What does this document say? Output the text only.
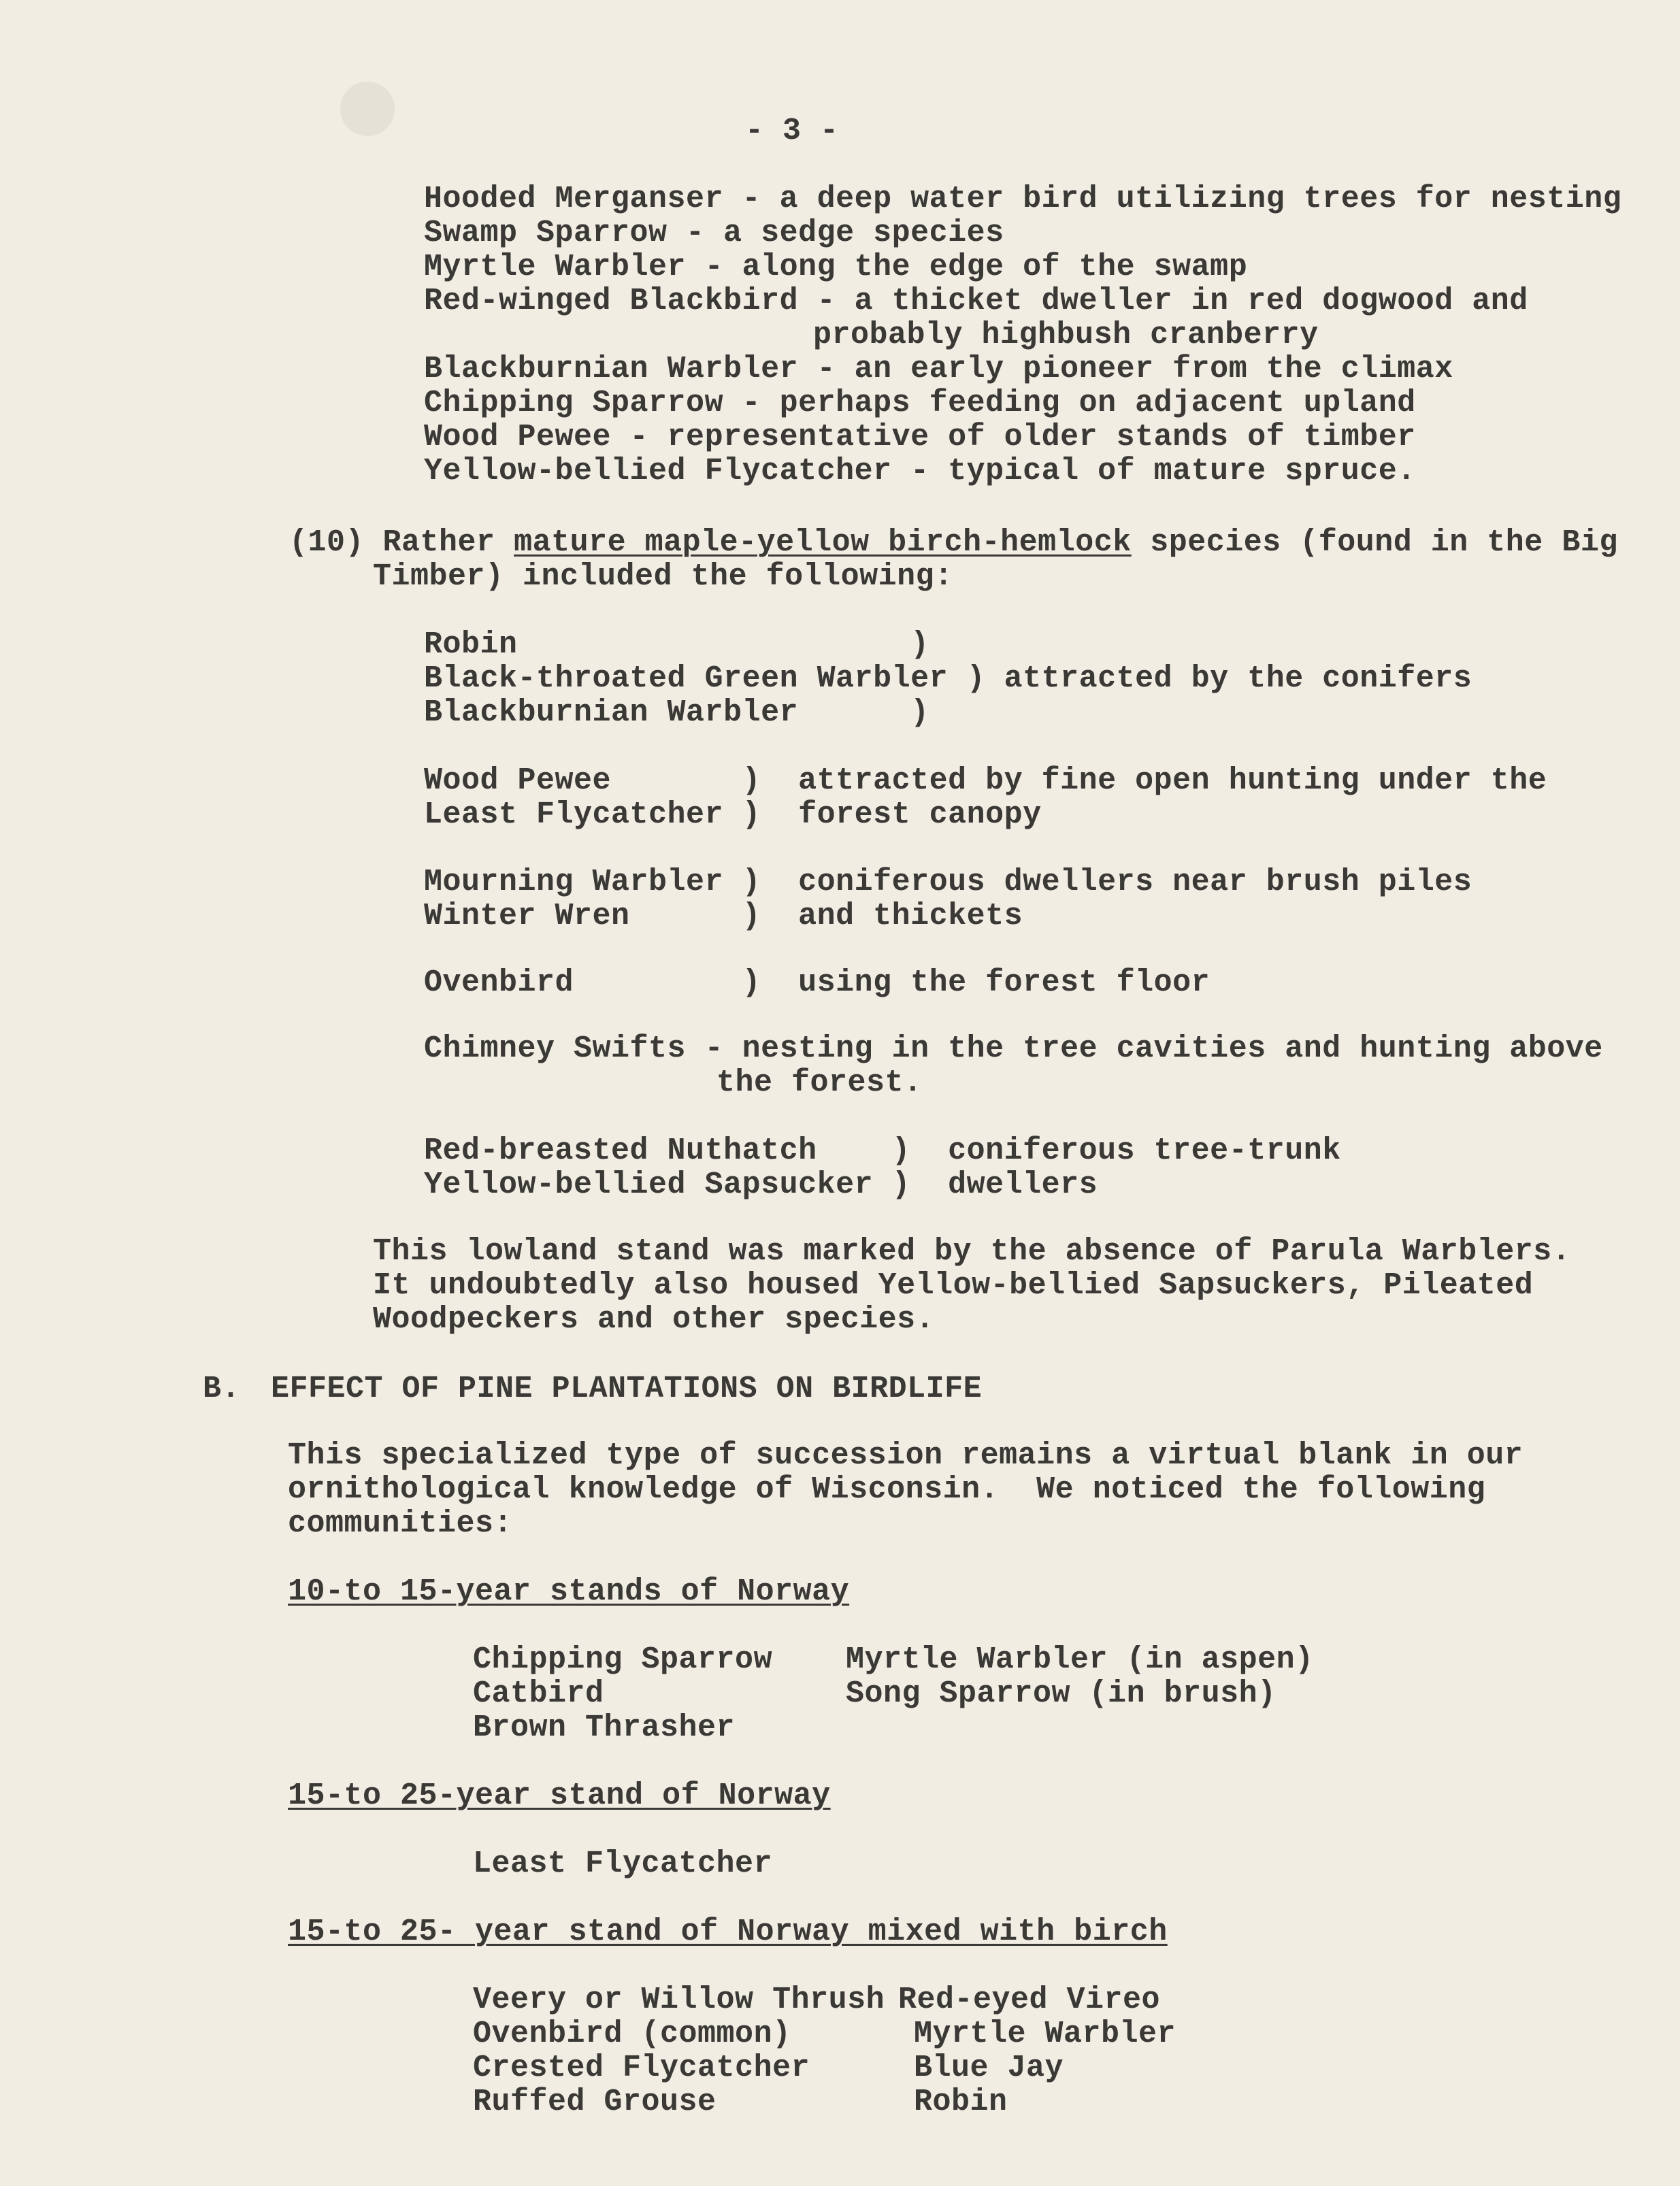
- 3 -
Hooded Merganser - a deep water bird utilizing trees for nesting
Swamp Sparrow - a sedge species
Myrtle Warbler - along the edge of the swamp
Red-winged Blackbird - a thicket dweller in red dogwood and
probably highbush cranberry
Blackburnian Warbler - an early pioneer from the climax
Chipping Sparrow - perhaps feeding on adjacent upland
Wood Pewee - representative of older stands of timber
Yellow-bellied Flycatcher - typical of mature spruce.
(10) Rather mature maple-yellow birch-hemlock species (found in the Big
Timber) included the following:
Robin                     )
Black-throated Green Warbler ) attracted by the conifers
Blackburnian Warbler      )
Wood Pewee       )  attracted by fine open hunting under the
Least Flycatcher )  forest canopy
Mourning Warbler )  coniferous dwellers near brush piles
Winter Wren      )  and thickets
Ovenbird         )  using the forest floor
Chimney Swifts - nesting in the tree cavities and hunting above
the forest.
Red-breasted Nuthatch    )  coniferous tree-trunk
Yellow-bellied Sapsucker )  dwellers
This lowland stand was marked by the absence of Parula Warblers.
It undoubtedly also housed Yellow-bellied Sapsuckers, Pileated
Woodpeckers and other species.
B. EFFECT OF PINE PLANTATIONS ON BIRDLIFE
This specialized type of succession remains a virtual blank in our
ornithological knowledge of Wisconsin.  We noticed the following
communities:
10-to 15-year stands of Norway
Chipping Sparrow
Catbird
Brown Thrasher
Myrtle Warbler (in aspen)
Song Sparrow (in brush)
15-to 25-year stand of Norway
Least Flycatcher
15-to 25- year stand of Norway mixed with birch
Veery or Willow Thrush
Ovenbird (common)
Crested Flycatcher
Ruffed Grouse
Red-eyed Vireo
Myrtle Warbler
Blue Jay
Robin
